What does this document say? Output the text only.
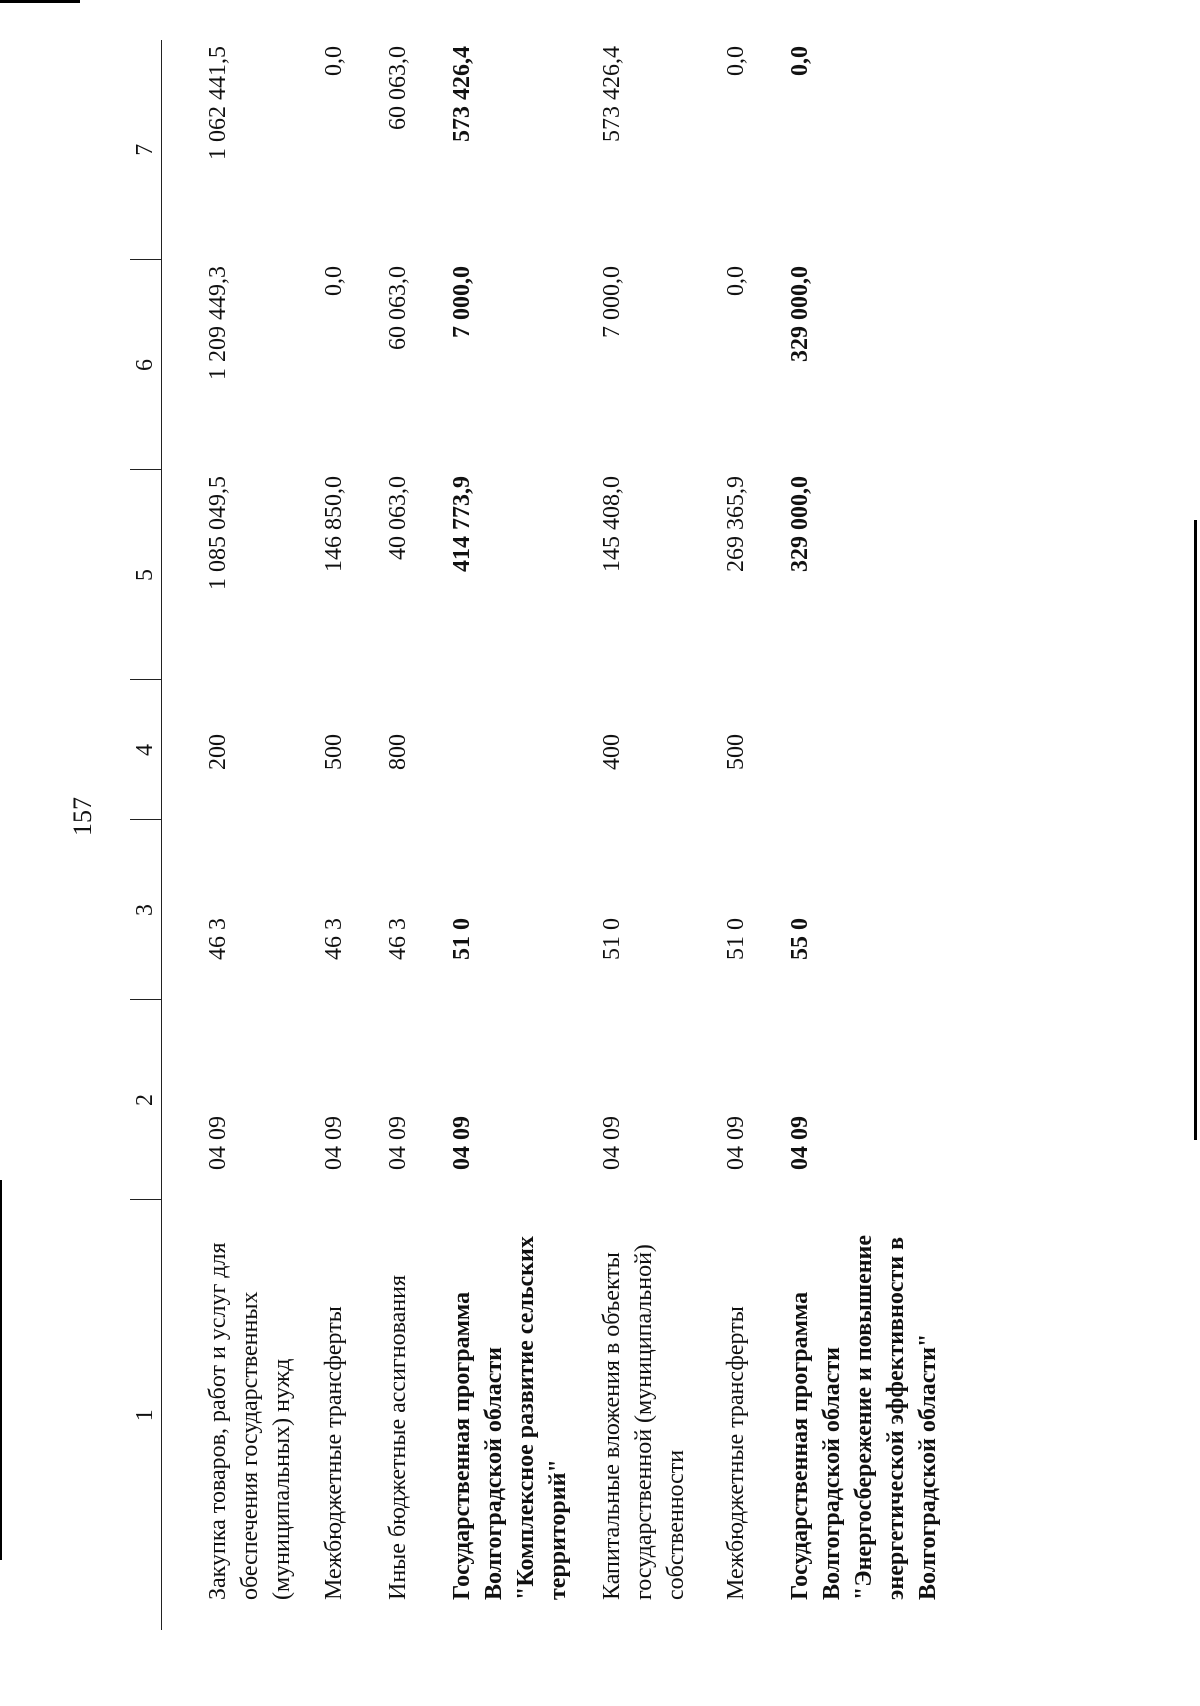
157
1	2	3	4	5	6	7
Закупка товаров, работ и услуг для обеспечения государственных (муниципальных) нужд	04 09	46 3	200	1 085 049,5	1 209 449,3	1 062 441,5
Межбюджетные трансферты	04 09	46 3	500	146 850,0	0,0	0,0
Иные бюджетные ассигнования	04 09	46 3	800	40 063,0	60 063,0	60 063,0
Государственная программа Волгоградской области "Комплексное развитие сельских территорий"	04 09	51 0		414 773,9	7 000,0	573 426,4
Капитальные вложения в объекты государственной (муниципальной) собственности	04 09	51 0	400	145 408,0	7 000,0	573 426,4
Межбюджетные трансферты	04 09	51 0	500	269 365,9	0,0	0,0
Государственная программа Волгоградской области "Энергосбережение и повышение энергетической эффективности в Волгоградской области"	04 09	55 0		329 000,0	329 000,0	0,0
